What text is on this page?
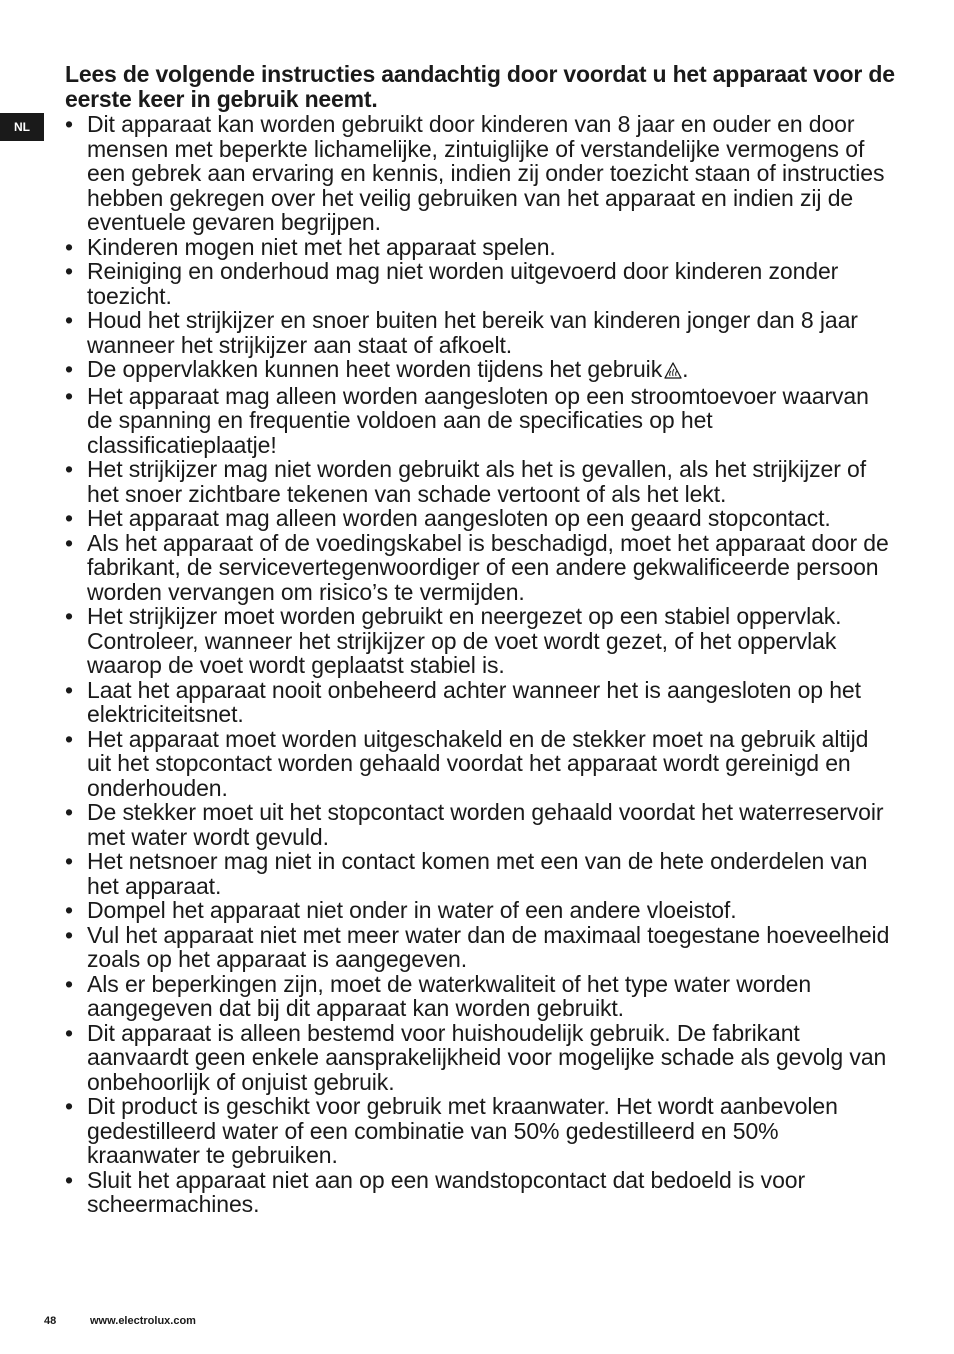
NL
Lees de volgende instructies aandachtig door voordat u het apparaat voor de eerste keer in gebruik neemt.
• Dit apparaat kan worden gebruikt door kinderen van 8 jaar en ouder en door mensen met beperkte lichamelijke, zintuiglijke of verstandelijke vermogens of een gebrek aan ervaring en kennis, indien zij onder toezicht staan of instructies hebben gekregen over het veilig gebruiken van het apparaat en indien zij de eventuele gevaren begrijpen.
• Kinderen mogen niet met het apparaat spelen.
• Reiniging en onderhoud mag niet worden uitgevoerd door kinderen zonder toezicht.
• Houd het strijkijzer en snoer buiten het bereik van kinderen jonger dan 8 jaar wanneer het strijkijzer aan staat of afkoelt.
• De oppervlakken kunnen heet worden tijdens het gebruik .
• Het apparaat mag alleen worden aangesloten op een stroomtoevoer waarvan de spanning en frequentie voldoen aan de specificaties op het classificatieplaatje!
• Het strijkijzer mag niet worden gebruikt als het is gevallen, als het strijkijzer of het snoer zichtbare tekenen van schade vertoont of als het lekt.
• Het apparaat mag alleen worden aangesloten op een geaard stopcontact.
• Als het apparaat of de voedingskabel is beschadigd, moet het apparaat door de fabrikant, de servicevertegenwoordiger of een andere gekwalificeerde persoon worden vervangen om risico’s te vermijden.
• Het strijkijzer moet worden gebruikt en neergezet op een stabiel oppervlak. Controleer, wanneer het strijkijzer op de voet wordt gezet, of het oppervlak waarop de voet wordt geplaatst stabiel is.
• Laat het apparaat nooit onbeheerd achter wanneer het is aangesloten op het elektriciteitsnet.
• Het apparaat moet worden uitgeschakeld en de stekker moet na gebruik altijd uit het stopcontact worden gehaald voordat het apparaat wordt gereinigd en onderhouden.
• De stekker moet uit het stopcontact worden gehaald voordat het waterreservoir met water wordt gevuld.
• Het netsnoer mag niet in contact komen met een van de hete onderdelen van het apparaat.
• Dompel het apparaat niet onder in water of een andere vloeistof.
• Vul het apparaat niet met meer water dan de maximaal toegestane hoeveelheid zoals op het apparaat is aangegeven.
• Als er beperkingen zijn, moet de waterkwaliteit of het type water worden aangegeven dat bij dit apparaat kan worden gebruikt.
• Dit apparaat is alleen bestemd voor huishoudelijk gebruik. De fabrikant aanvaardt geen enkele aansprakelijkheid voor mogelijke schade als gevolg van onbehoorlijk of onjuist gebruik.
• Dit product is geschikt voor gebruik met kraanwater. Het wordt aanbevolen gedestilleerd water of een combinatie van 50% gedestilleerd en 50% kraanwater te gebruiken.
• Sluit het apparaat niet aan op een wandstopcontact dat bedoeld is voor scheermachines.
48	www.electrolux.com
